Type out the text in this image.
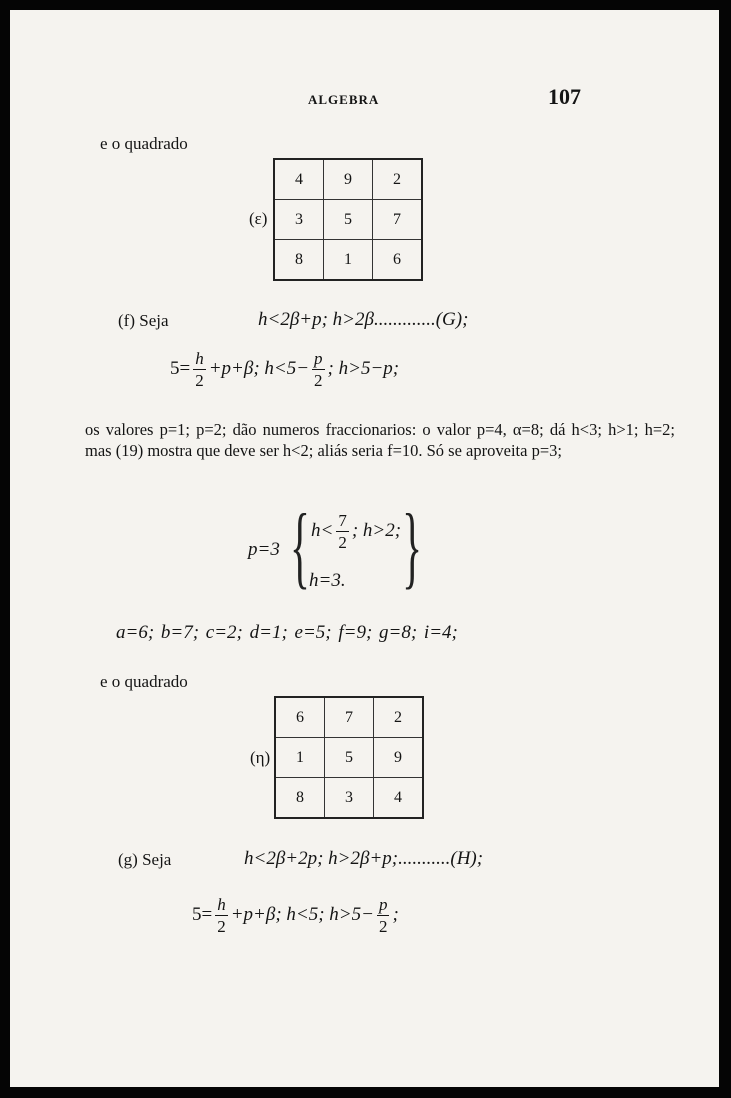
ALGEBRA	107
e o quadrado
(ε)
4	9	2
3	5	7
8	1	6
(f) Seja	h<2β+p; h>2β.............(G);
$5= \frac{h}{2} +p+\beta$; $h<5- \frac{p}{2}$ ; h>5−p;
os valores p=1; p=2; dão numeros fraccionarios: o valor p=4, α=8; dá h<3; h>1; h=2; mas (19) mostra que deve ser h<2; aliás seria f=10. Só se aproveita p=3;
p=3 { $h< \frac{7}{2}$ ; h>2;
h=3. {
a=6; b=7; c=2; d=1; e=5; f=9; g=8; i=4;
e o quadrado
(η)
6	7	2
1	5	9
8	3	4
(g) Seja	h<2β+2p; h>2β+p;...........(H);
$5= \frac{h}{2} +p+\beta$; h<5; $h>5- \frac{p}{2}$ ;
